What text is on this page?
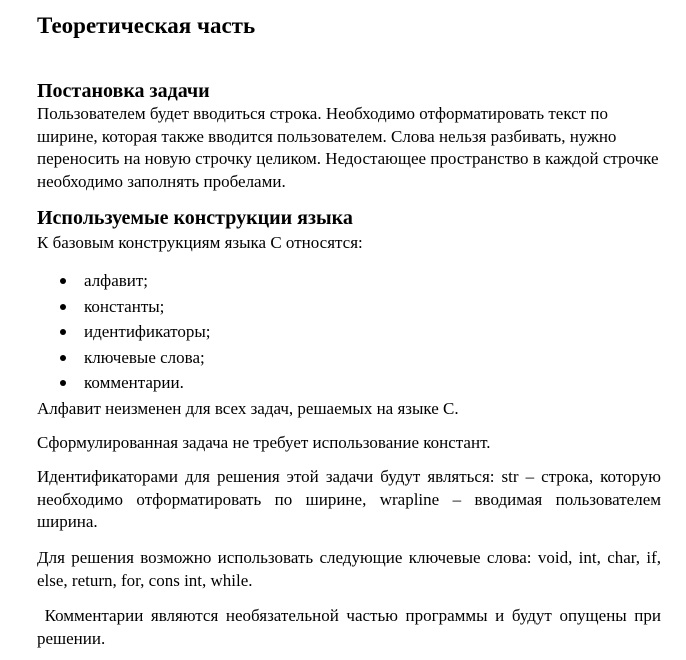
Теоретическая часть
Постановка задачи

Пользователем будет вводиться строка. Необходимо отформатировать текст по ширине, которая также вводится пользователем. Слова нельзя разбивать, нужно переносить на новую строчку целиком. Недостающее пространство в каждой строчке необходимо заполнять пробелами.

Используемые конструкции языка

К базовым конструкциям языка С относятся:

алфавит;
константы;
идентификаторы;
ключевые слова;
комментарии.

Алфавит неизменен для всех задач, решаемых на языке С.

Сформулированная задача не требует использование констант.

Идентификаторами для решения этой задачи будут являться: str – строка, которую необходимо отформатировать по ширине, wrapline – вводимая пользователем ширина.

Для решения возможно использовать следующие ключевые слова: void, int, char, if, else, return, for, cons int, while.

Комментарии являются необязательной частью программы и будут опущены при решении.
